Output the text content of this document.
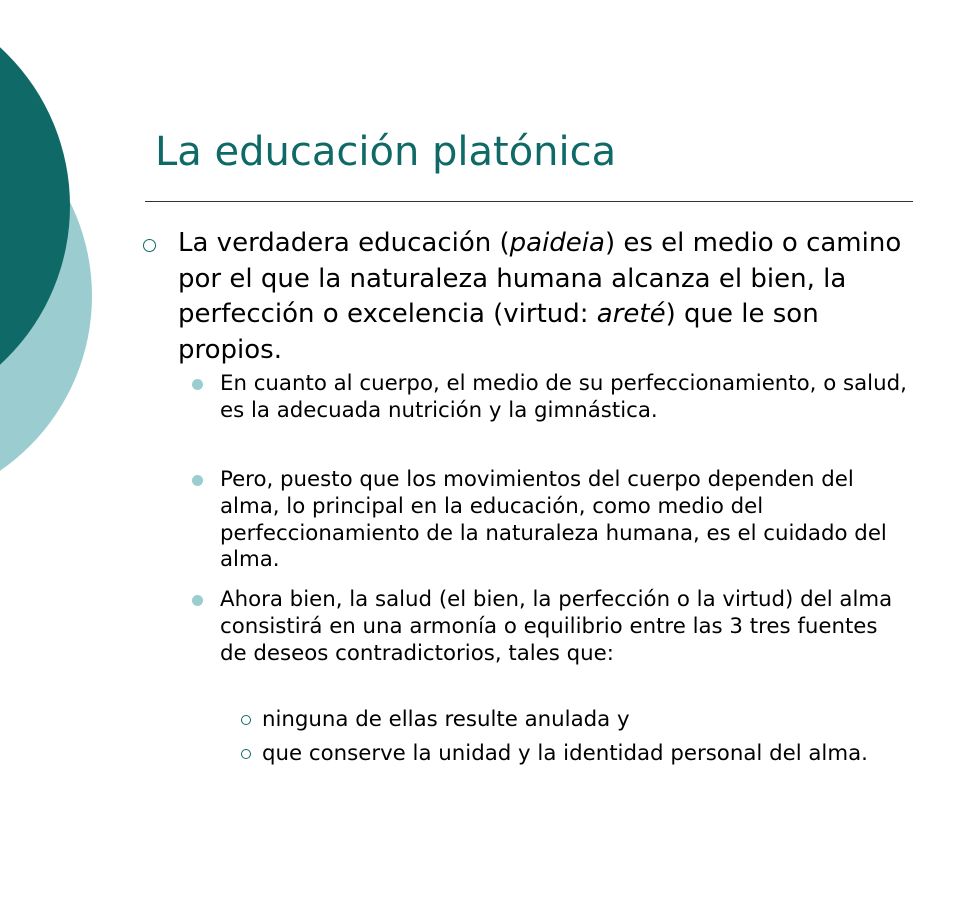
La educación platónica

La verdadera educación (paideia) es el medio o camino por el que la naturaleza humana alcanza el bien, la perfección o excelencia (virtud: areté) que le son propios.

En cuanto al cuerpo, el medio de su perfeccionamiento, o salud, es la adecuada nutrición y la gimnástica.

Pero, puesto que los movimientos del cuerpo dependen del alma, lo principal en la educación, como medio del perfeccionamiento de la naturaleza humana, es el cuidado del alma.

Ahora bien, la salud (el bien, la perfección o la virtud) del alma consistirá en una armonía o equilibrio entre las 3 tres fuentes de deseos contradictorios, tales que:

ninguna de ellas resulte anulada y

que conserve la unidad y la identidad personal del alma.
